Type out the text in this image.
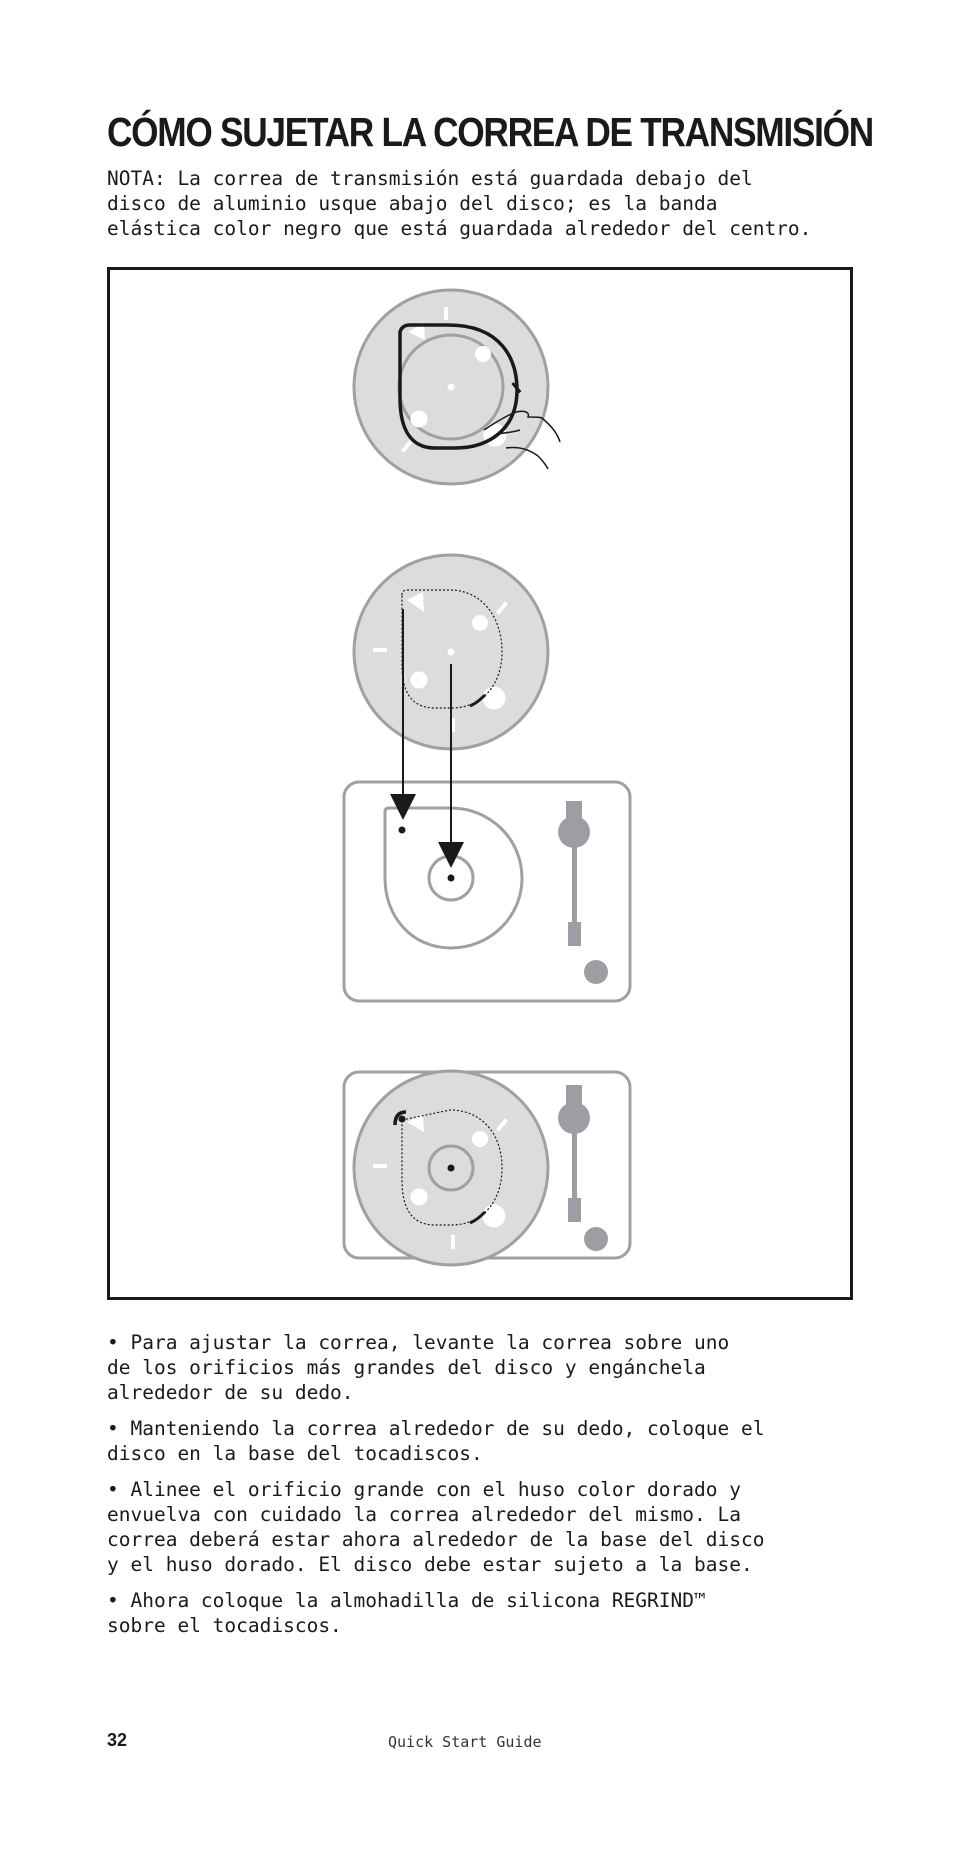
CÓMO SUJETAR LA CORREA DE TRANSMISIÓN
NOTA: La correa de transmisión está guardada debajo del
disco de aluminio usque abajo del disco; es la banda
elástica color negro que está guardada alrededor del centro.

• Para ajustar la correa, levante la correa sobre uno
de los orificios más grandes del disco y engánchela
alrededor de su dedo.

• Manteniendo la correa alrededor de su dedo, coloque el
disco en la base del tocadiscos.

• Alinee el orificio grande con el huso color dorado y
envuelva con cuidado la correa alrededor del mismo. La
correa deberá estar ahora alrededor de la base del disco
y el huso dorado. El disco debe estar sujeto a la base.

• Ahora coloque la almohadilla de silicona REGRIND™
sobre el tocadiscos.

32	Quick Start Guide
